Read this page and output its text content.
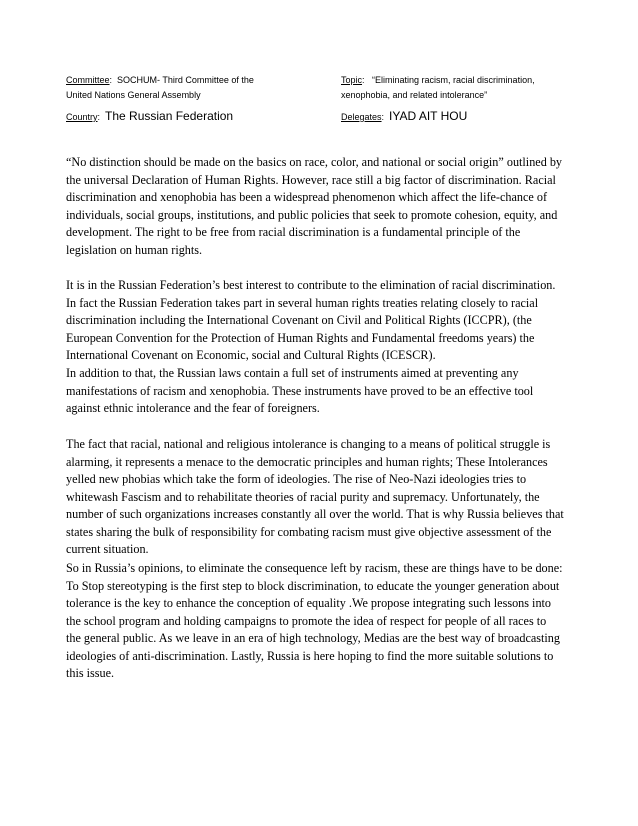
Committee:  SOCHUM- Third Committee of the
United Nations General Assembly
Topic:   “Eliminating racism, racial discrimination,
xenophobia, and related intolerance”
Country:  The Russian Federation	Delegates:  IYAD AIT HOU

“No distinction should be made on the basics on race, color, and national or social origin” outlined by the universal Declaration of Human Rights. However, race still a big factor of discrimination. Racial discrimination and xenophobia has been a widespread phenomenon which affect the life-chance of individuals, social groups, institutions, and public policies that seek to promote cohesion, equity, and development. The right to be free from racial discrimination is a fundamental principle of the legislation on human rights.

It is in the Russian Federation’s best interest to contribute to the elimination of racial discrimination. In fact the Russian Federation takes part in several human rights treaties relating closely to racial discrimination including the International Covenant on Civil and Political Rights (ICCPR), (the European Convention for the Protection of Human Rights and Fundamental freedoms years) the International Covenant on Economic, social and Cultural Rights (ICESCR).

In addition to that, the Russian laws contain a full set of instruments aimed at preventing any manifestations of racism and xenophobia. These instruments have proved to be an effective tool against ethnic intolerance and the fear of foreigners.

The fact that racial, national and religious intolerance is changing to a means of political struggle is alarming, it represents a menace to the democratic principles and human rights; These Intolerances yelled new phobias which take the form of ideologies. The rise of Neo-Nazi ideologies tries to whitewash Fascism and to rehabilitate theories of racial purity and supremacy. Unfortunately, the number of such organizations increases constantly all over the world. That is why Russia believes that states sharing the bulk of responsibility for combating racism must give objective assessment of the current situation.

So in Russia’s opinions, to eliminate the consequence left by racism, these are things have to be done: To Stop stereotyping is the first step to block discrimination, to educate the younger generation about tolerance is the key to enhance the conception of equality .We propose integrating such lessons into the school program and holding campaigns to promote the idea of respect for people of all races to the general public. As we leave in an era of high technology, Medias are the best way of broadcasting ideologies of anti-discrimination. Lastly, Russia is here hoping to find the more suitable solutions to this issue.
